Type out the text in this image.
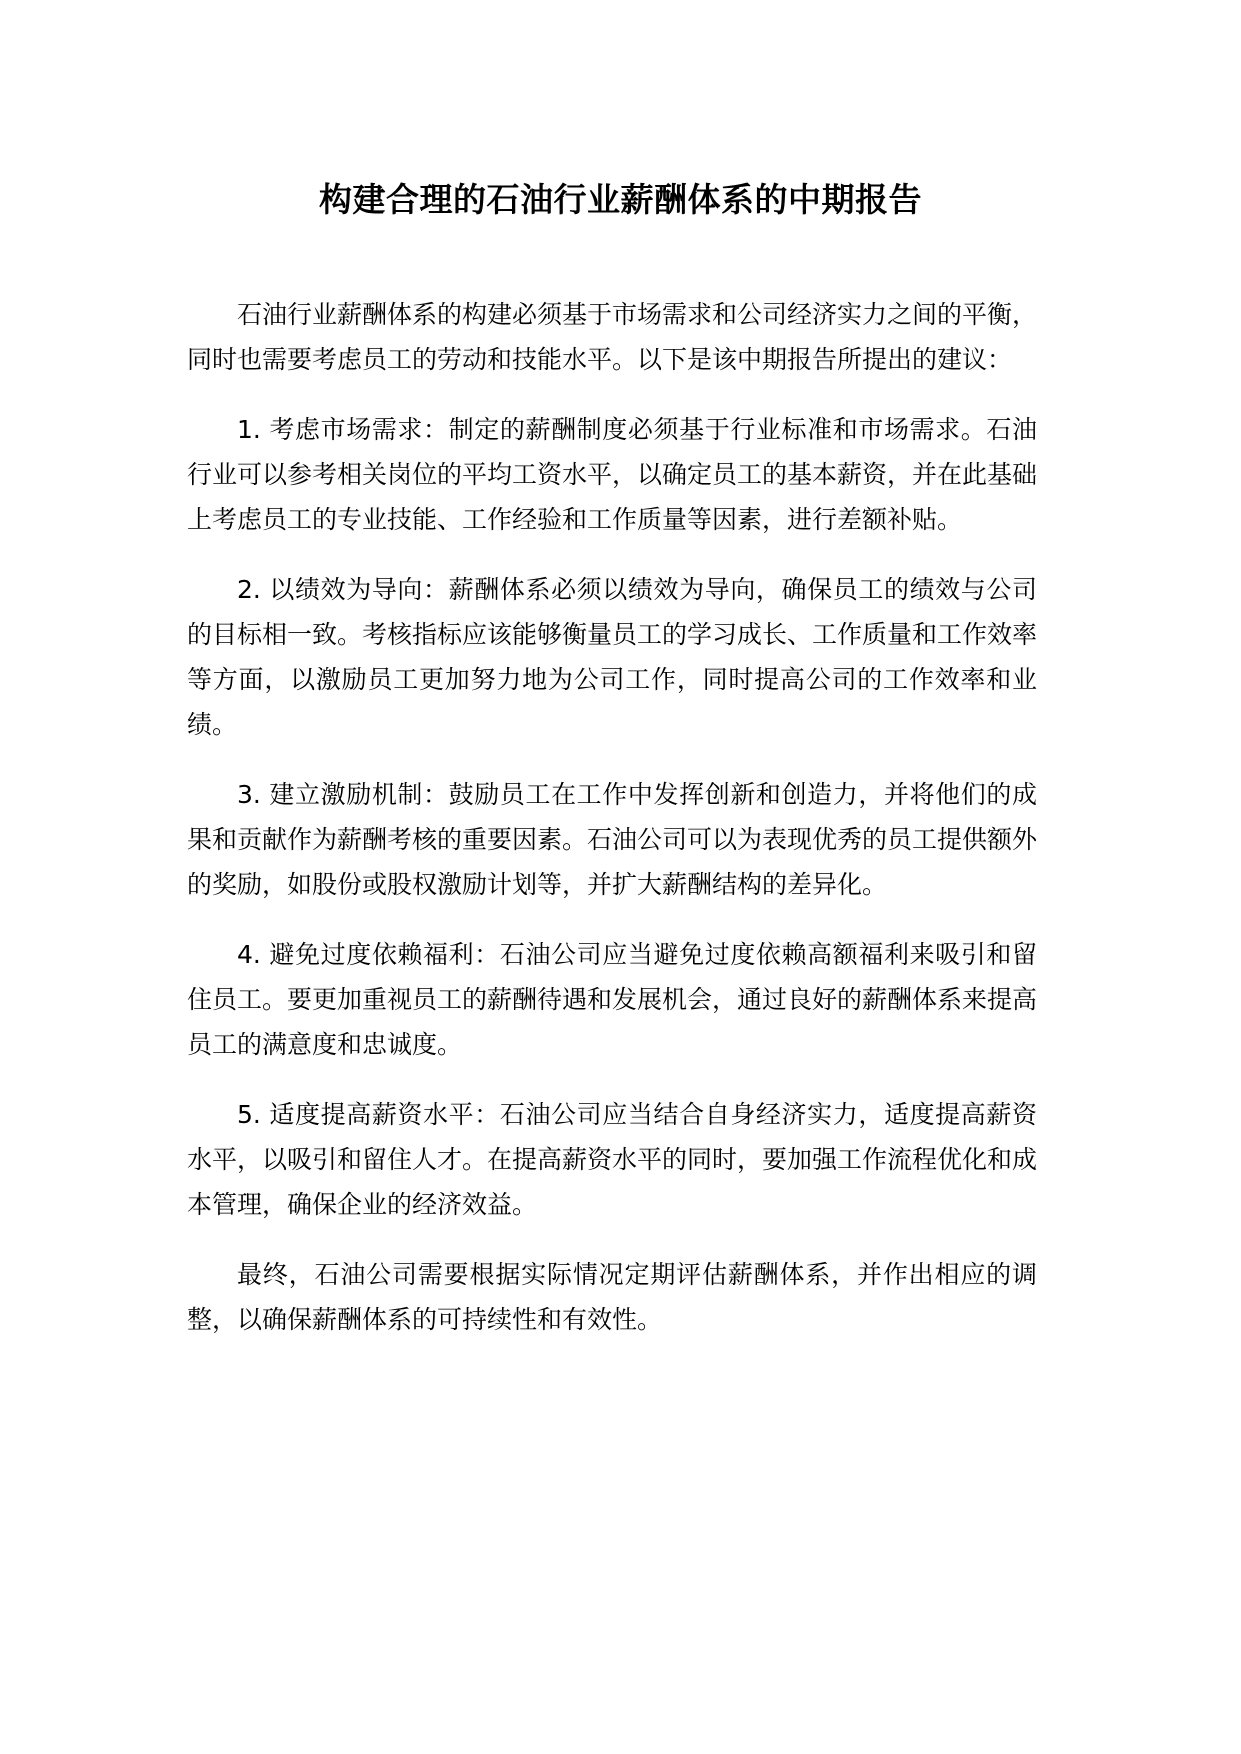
构建合理的石油行业薪酬体系的中期报告

石油行业薪酬体系的构建必须基于市场需求和公司经济实力之间的平衡，同时也需要考虑员工的劳动和技能水平。以下是该中期报告所提出的建议：

1. 考虑市场需求：制定的薪酬制度必须基于行业标准和市场需求。石油行业可以参考相关岗位的平均工资水平，以确定员工的基本薪资，并在此基础上考虑员工的专业技能、工作经验和工作质量等因素，进行差额补贴。

2. 以绩效为导向：薪酬体系必须以绩效为导向，确保员工的绩效与公司的目标相一致。考核指标应该能够衡量员工的学习成长、工作质量和工作效率等方面，以激励员工更加努力地为公司工作，同时提高公司的工作效率和业绩。

3. 建立激励机制：鼓励员工在工作中发挥创新和创造力，并将他们的成果和贡献作为薪酬考核的重要因素。石油公司可以为表现优秀的员工提供额外的奖励，如股份或股权激励计划等，并扩大薪酬结构的差异化。

4. 避免过度依赖福利：石油公司应当避免过度依赖高额福利来吸引和留住员工。要更加重视员工的薪酬待遇和发展机会，通过良好的薪酬体系来提高员工的满意度和忠诚度。

5. 适度提高薪资水平：石油公司应当结合自身经济实力，适度提高薪资水平，以吸引和留住人才。在提高薪资水平的同时，要加强工作流程优化和成本管理，确保企业的经济效益。

最终，石油公司需要根据实际情况定期评估薪酬体系，并作出相应的调整，以确保薪酬体系的可持续性和有效性。
